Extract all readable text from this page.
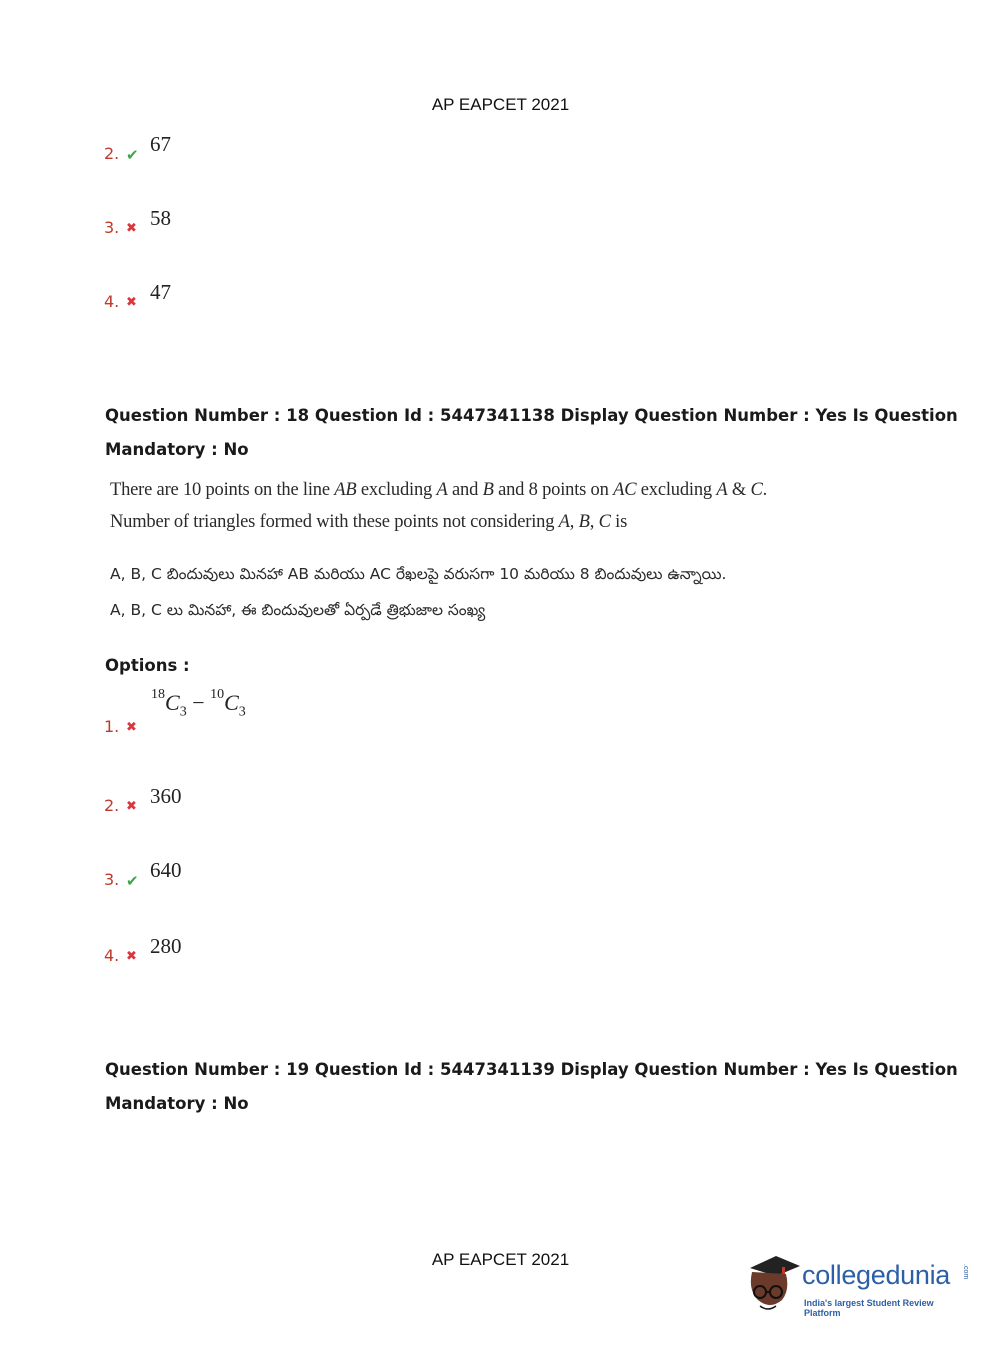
AP EAPCET 2021
2. ✔ 67
3. ✖ 58
4. ✖ 47
Question Number : 18 Question Id : 5447341138 Display Question Number : Yes Is Question
Mandatory : No
There are 10 points on the line AB excluding A and B and 8 points on AC excluding A & C.
Number of triangles formed with these points not considering A, B, C is
A, B, C బిందువులు మినహా AB మరియు AC రేఖలపై వరుసగా 10 మరియు 8 బిందువులు ఉన్నాయి.
A, B, C లు మినహా, ఈ బిందువులతో ఏర్పడే త్రిభుజాల సంఖ్య
Options :
1. ✖
$^{18}C_3 - ^{10}C_3$
2. ✖ 360
3. ✔ 640
4. ✖ 280
Question Number : 19 Question Id : 5447341139 Display Question Number : Yes Is Question
Mandatory : No
AP EAPCET 2021
collegedunia .com
India's largest Student Review Platform
